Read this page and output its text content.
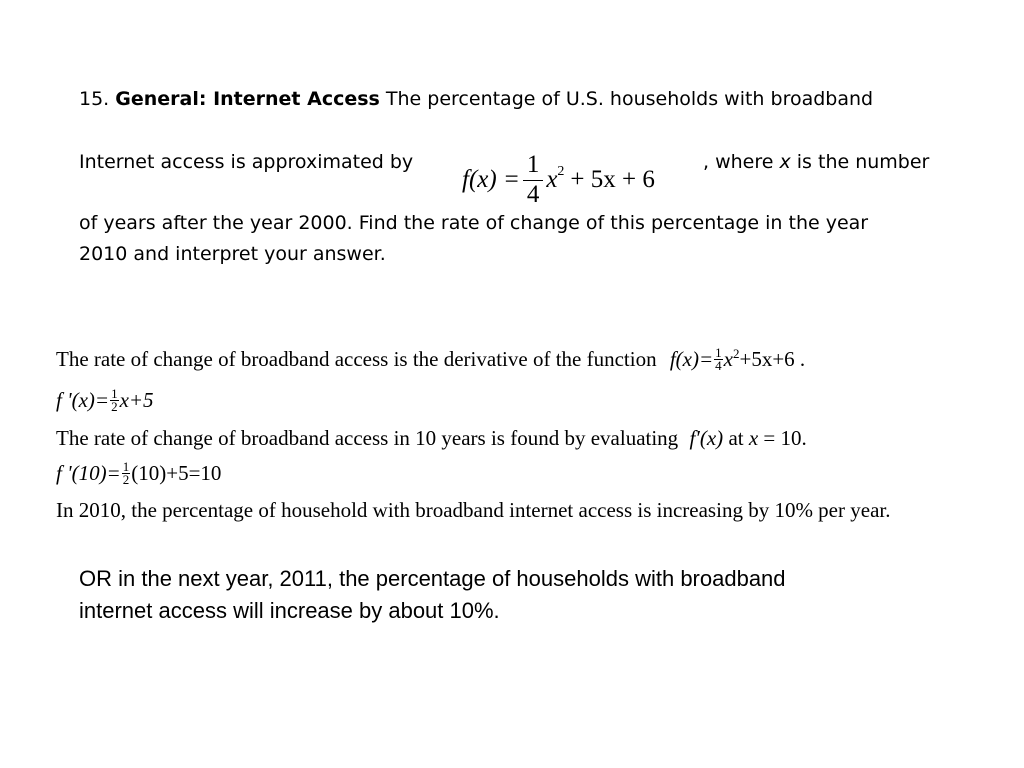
15. General: Internet Access The percentage of U.S. households with broadband
Internet access is approximated by
$f(x) = \frac{1}{4} x^2 + 5x + 6$
, where x is the number
of years after the year 2000. Find the rate of change of this percentage in the year
2010 and interpret your answer.
The rate of change of broadband access is the derivative of the function $f(x)= \frac{1}{4} x^2+5x+6$ .
f '$(x)= \frac{1}{2} x+5$
The rate of change of broadband access in 10 years is found by evaluating f′(x) at x = 10.
f '$(10)= \frac{1}{2} (10)+5=10$
In 2010, the percentage of household with broadband internet access is increasing by 10% per year.
OR in the next year, 2011, the percentage of households with broadband
internet access will increase by about 10%.
